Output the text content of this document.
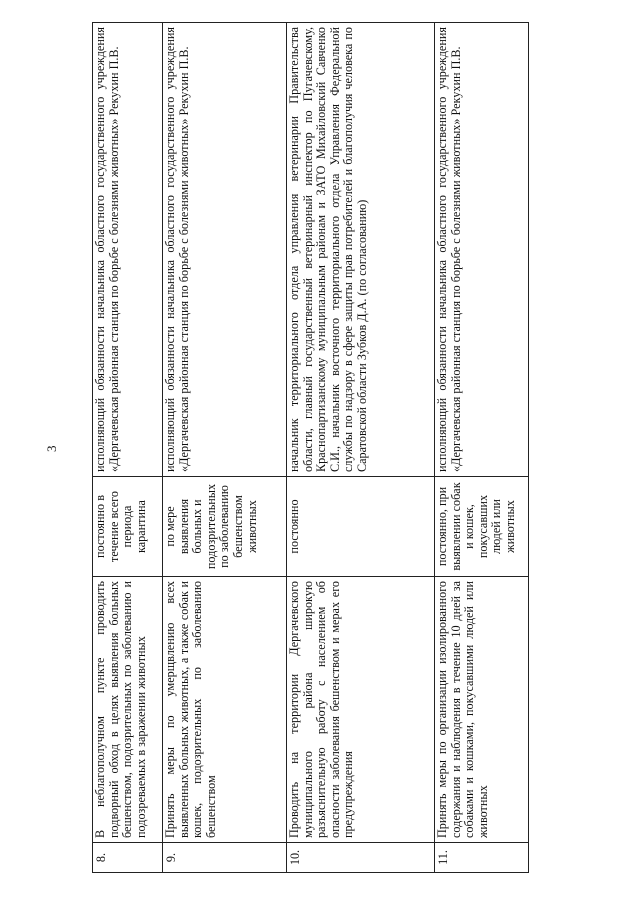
3
8.	В неблагополучном пункте проводить подворный обход в целях выявления больных бешенством, подозрительных по заболеванию и подозреваемых в заражении животных	постоянно в течение всего периода карантина	исполняющий обязанности начальника областного государственного учреждения «Дергачевская районная станция по борьбе с болезнями животных» Рекухин П.В.
9.	Принять меры по умерщвлению всех выявленных больных животных, а также собак и кошек, подозрительных по заболеванию бешенством	по мере выявления больных и подозрительных по заболеванию бешенством животных	исполняющий обязанности начальника областного государственного учреждения «Дергачевская районная станция по борьбе с болезнями животных» Рекухин П.В.
10.	Проводить на территории Дергачевского муниципального района широкую разъяснительную работу с населением об опасности заболевания бешенством и мерах его предупреждения	постоянно	начальник территориального отдела управления ветеринарии Правительства области, главный государственный ветеринарный инспектор по Пугачевскому, Краснопартизанскому муниципальным районам и ЗАТО Михайловский Савченко С.И., начальник восточного территориального отдела Управления Федеральной службы по надзору в сфере защиты прав потребителей и благополучия человека по Саратовской области Зубков Д.А. (по согласованию)
11.	Принять меры по организации изолированного содержания и наблюдения в течение 10 дней за собаками и кошками, покусавшими людей или животных	постоянно, при выявлении собак и кошек, покусавших людей или животных	исполняющий обязанности начальника областного государственного учреждения «Дергачевская районная станция по борьбе с болезнями животных» Рекухин П.В.
